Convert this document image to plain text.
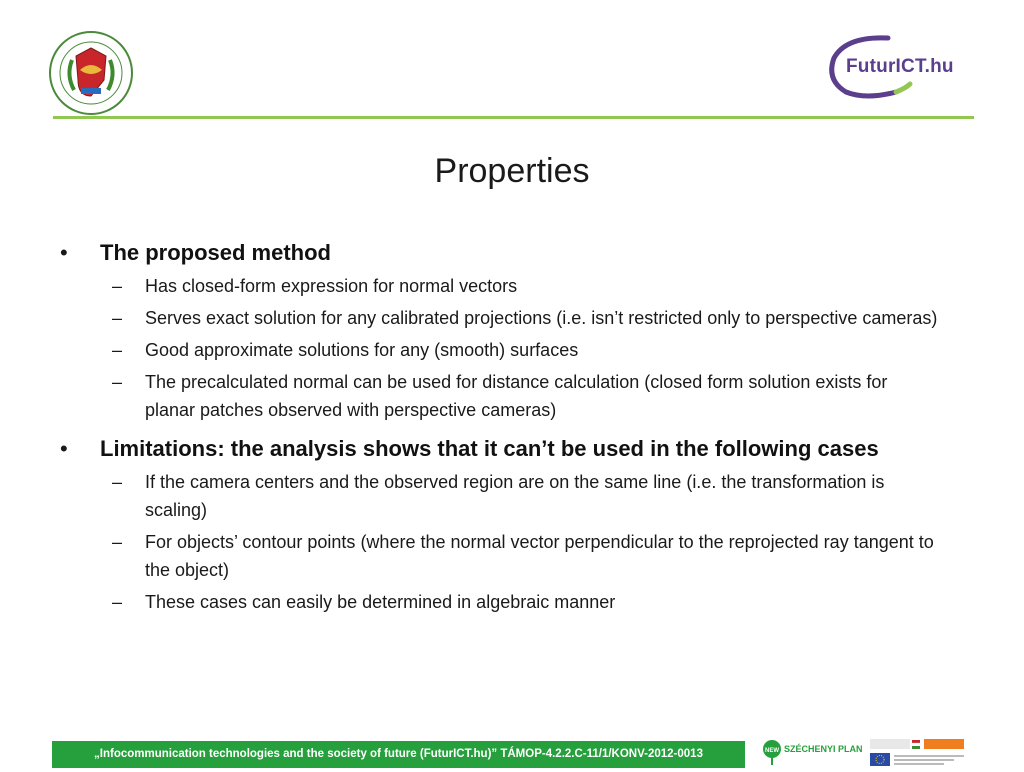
FuturICT.hu
Properties
• The proposed method
– Has closed-form expression for normal vectors
– Serves exact solution for any calibrated projections (i.e. isn’t restricted only to perspective cameras)
– Good approximate solutions for any (smooth) surfaces
– The precalculated normal can be used for distance calculation (closed form solution exists for planar patches observed with perspective cameras)
• Limitations: the analysis shows that it can’t be used in the following cases
– If the camera centers and the observed region are on the same line (i.e. the transformation is scaling)
– For objects’ contour points (where the normal vector perpendicular to the reprojected ray tangent to the object)
– These cases can easily be determined in algebraic manner
„Infocommunication technologies and the society of future (FuturICT.hu)” TÁMOP-4.2.2.C-11/1/KONV-2012-0013	NEW SZÉCHENYI PLAN
